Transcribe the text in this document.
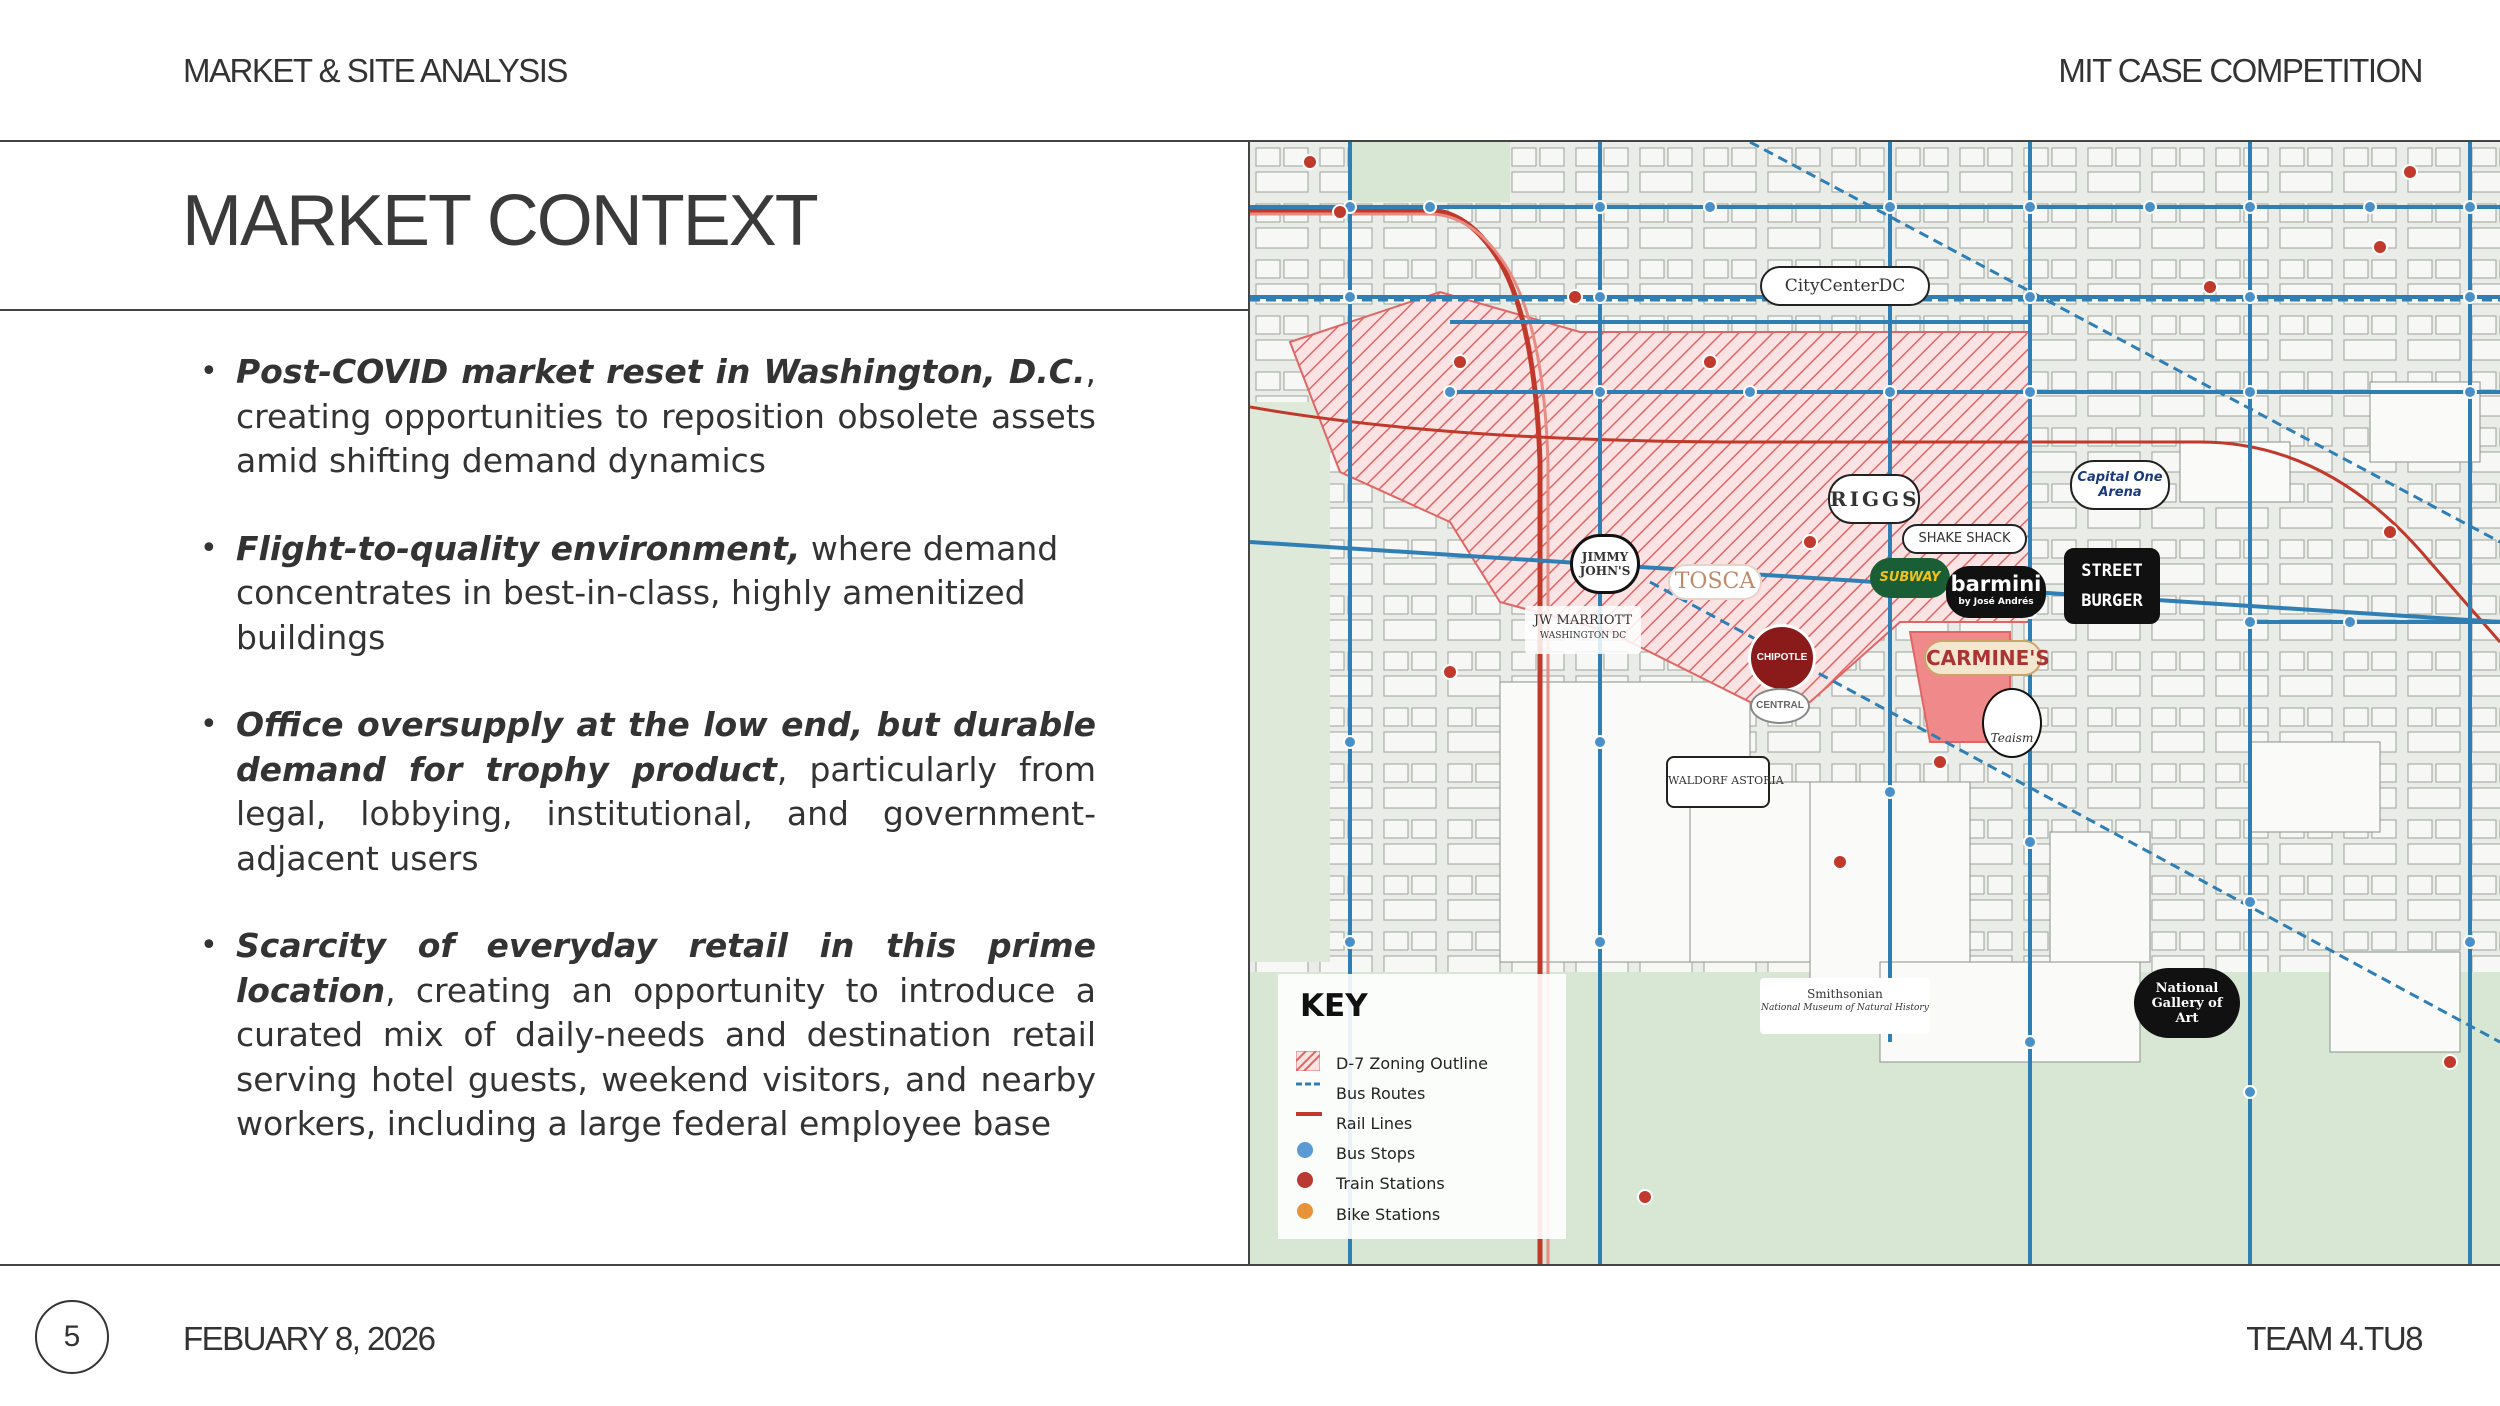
MARKET & SITE ANALYSIS	MIT CASE COMPETITION
MARKET CONTEXT
• Post-COVID market reset in Washington, D.C., creating opportunities to reposition obsolete assets amid shifting demand dynamics
• Flight-to-quality environment, where demand concentrates in best-in-class, highly amenitized buildings
• Office oversupply at the low end, but durable demand for trophy product, particularly from legal, lobbying, institutional, and government-adjacent users
• Scarcity of everyday retail in this prime location, creating an opportunity to introduce a curated mix of daily-needs and destination retail serving hotel guests, weekend visitors, and nearby workers, including a large federal employee base
CityCenterDC
RIGGS
SHAKE SHACK
Capital One Arena
JIMMY JOHN'S	TOSCA	SUBWAY barmini
by José Andrés
STREET BURGER
JW MARRIOTT
WASHINGTON DC
CHIPOTLE
CENTRAL
CARMINE'S
Teaism
WALDORF ASTORIA
Smithsonian
National Museum of Natural History
National Gallery of Art
KEY
D-7 Zoning Outline
Bus Routes
Rail Lines
Bus Stops
Train Stations
Bike Stations
5	FEBUARY 8, 2026	TEAM 4.TU8
